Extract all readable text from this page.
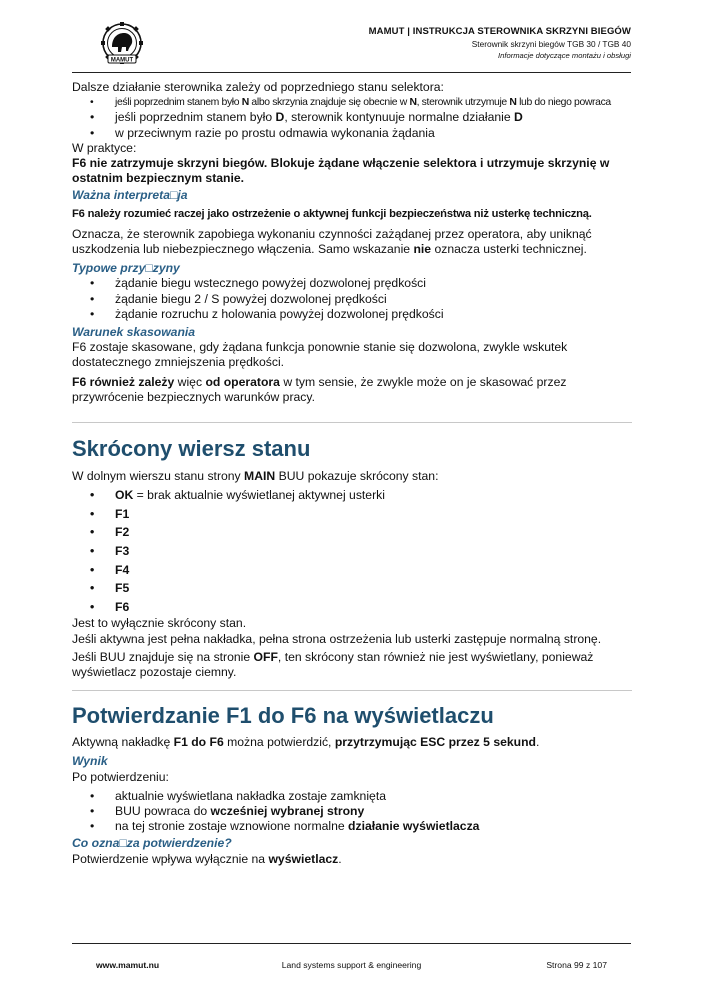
MAMUT
MAMUT | INSTRUKCJA STEROWNIKA SKRZYNI BIEGÓW
Sterownik skrzyni biegów TGB 30 / TGB 40
Informacje dotyczące montażu i obsługi

Dalsze działanie sterownika zależy od poprzedniego stanu selektora:

• jeśli poprzednim stanem było N albo skrzynia znajduje się obecnie w N, sterownik utrzymuje N lub do niego powraca
• jeśli poprzednim stanem było D, sterownik kontynuuje normalne działanie D
• w przeciwnym razie po prostu odmawia wykonania żądania

W praktyce:

F6 nie zatrzymuje skrzyni biegów. Blokuje żądane włączenie selektora i utrzymuje skrzynię w ostatnim bezpiecznym stanie.

Ważna interpreta□ja

F6 należy rozumieć raczej jako ostrzeżenie o aktywnej funkcji bezpieczeństwa niż usterkę techniczną.

Oznacza, że sterownik zapobiega wykonaniu czynności zażądanej przez operatora, aby uniknąć uszkodzenia lub niebezpiecznego włączenia. Samo wskazanie nie oznacza usterki technicznej.

Typowe przy□zyny

• żądanie biegu wstecznego powyżej dozwolonej prędkości
• żądanie biegu 2 / S powyżej dozwolonej prędkości
• żądanie rozruchu z holowania powyżej dozwolonej prędkości

Warunek skasowania

F6 zostaje skasowane, gdy żądana funkcja ponownie stanie się dozwolona, zwykle wskutek dostatecznego zmniejszenia prędkości.

F6 również zależy więc od operatora w tym sensie, że zwykle może on je skasować przez przywrócenie bezpiecznych warunków pracy.

Skrócony wiersz stanu

W dolnym wierszu stanu strony MAIN BUU pokazuje skrócony stan:

• OK = brak aktualnie wyświetlanej aktywnej usterki
• F1
• F2
• F3
• F4
• F5
• F6

Jest to wyłącznie skrócony stan.

Jeśli aktywna jest pełna nakładka, pełna strona ostrzeżenia lub usterki zastępuje normalną stronę.

Jeśli BUU znajduje się na stronie OFF, ten skrócony stan również nie jest wyświetlany, ponieważ wyświetlacz pozostaje ciemny.

Potwierdzanie F1 do F6 na wyświetlaczu

Aktywną nakładkę F1 do F6 można potwierdzić, przytrzymując ESC przez 5 sekund.

Wynik

Po potwierdzeniu:

• aktualnie wyświetlana nakładka zostaje zamknięta
• BUU powraca do wcześniej wybranej strony
• na tej stronie zostaje wznowione normalne działanie wyświetlacza

Co ozna□za potwierdzenie?

Potwierdzenie wpływa wyłącznie na wyświetlacz.

www.mamut.nu	Land systems support & engineering	Strona 99 z 107
